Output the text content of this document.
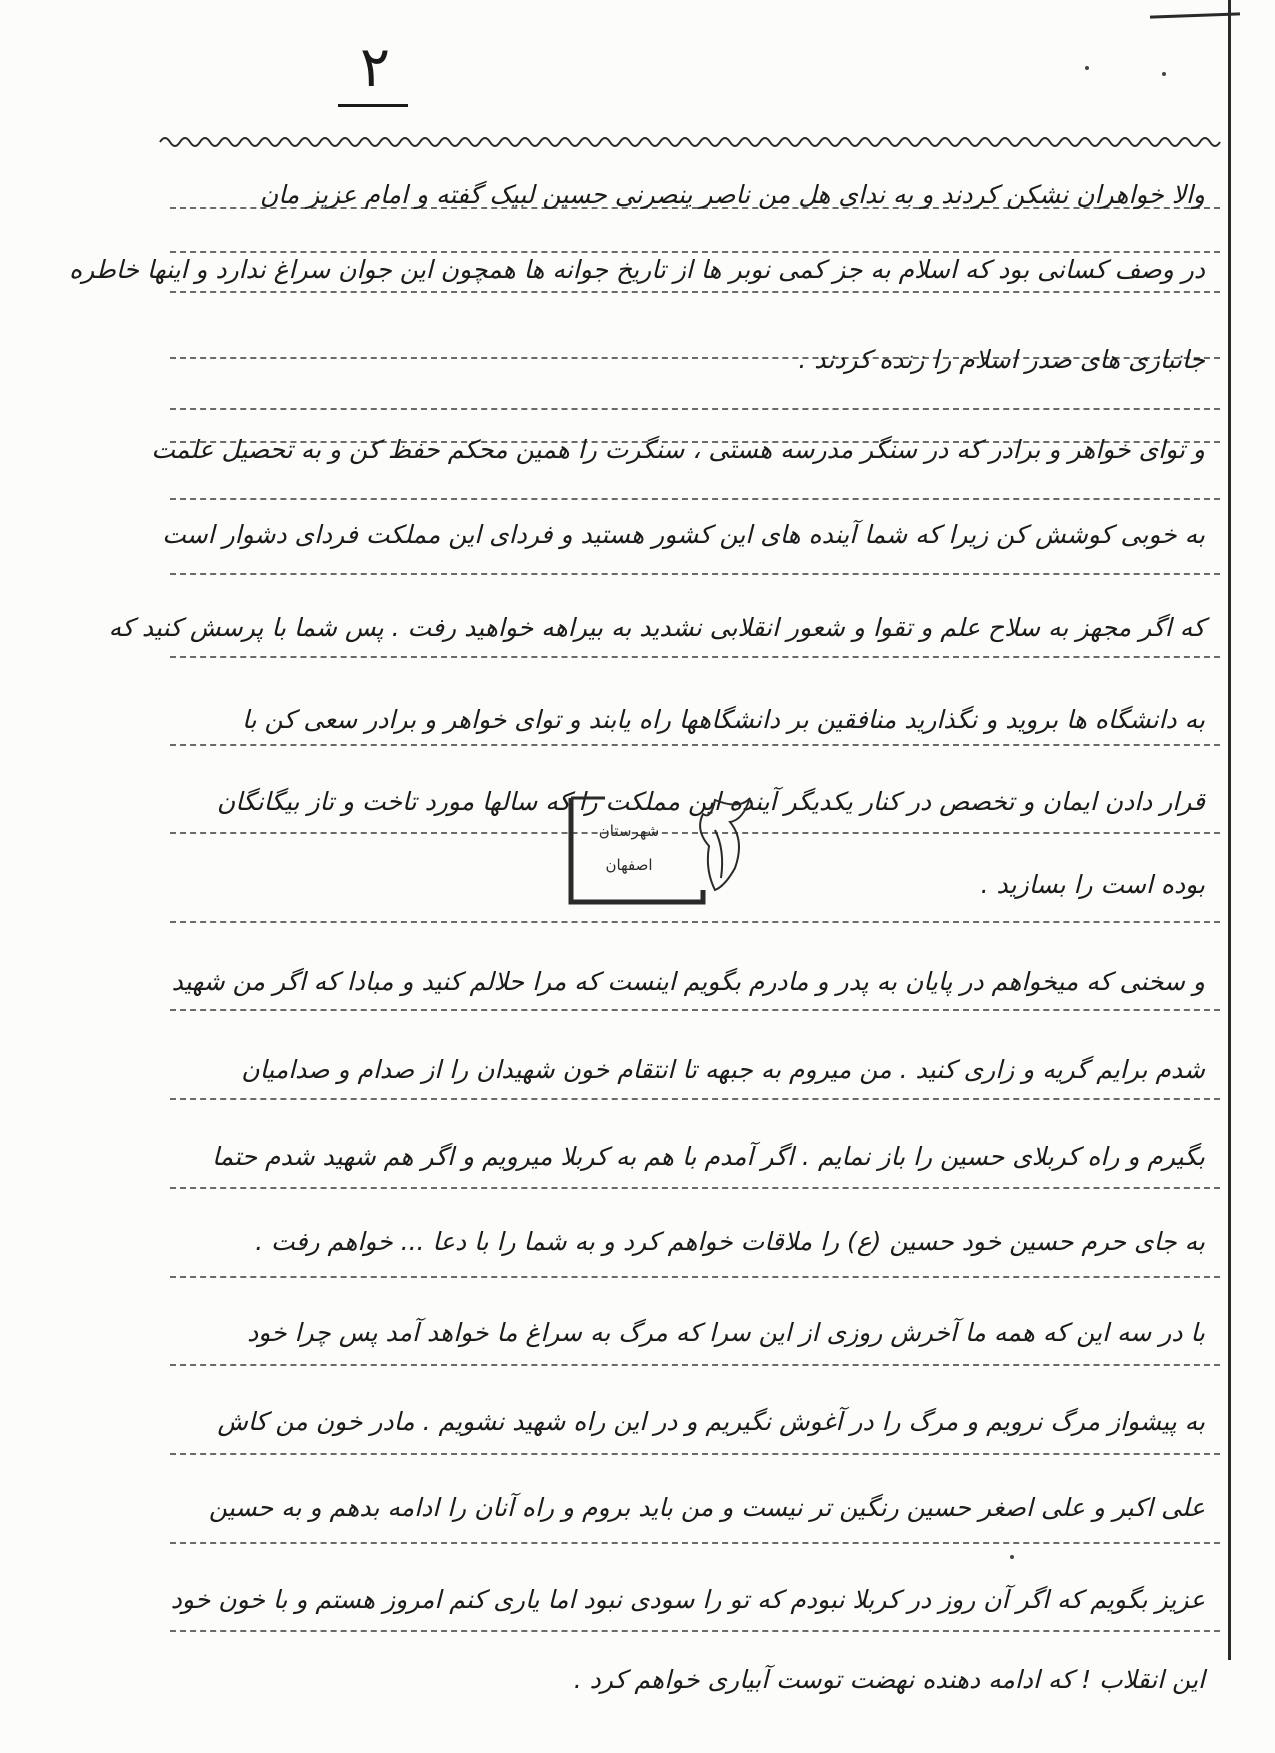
۲
والا خواهران نشکن کردند و به ندای هل من ناصر ینصرنی حسین لبیک گفته و امام عزیز مان
در وصف کسانی بود که اسلام به جز کمی نوبر ها از تاریخ جوانه ها همچون این جوان سراغ ندارد و اینها خاطره
جانبازی های صدر اسلام را زنده کردند .
و توای خواهر و برادر که در سنگر مدرسه هستی ، سنگرت را همین محکم حفظ کن و به تحصیل علمت
به خوبی کوشش کن زیرا که شما آینده های این کشور هستید و فردای این مملکت فردای دشوار است
که اگر مجهز به سلاح علم و تقوا و شعور انقلابی نشدید به بیراهه خواهید رفت . پس شما با پرسش کنید که
به دانشگاه ها بروید و نگذارید منافقین بر دانشگاهها راه یابند و توای خواهر و برادر سعی کن با
قرار دادن ایمان و تخصص در کنار یکدیگر آینده این مملکت را که سالها مورد تاخت و تاز بیگانگان
بوده است را بسازید .
و سخنی که میخواهم در پایان به پدر و مادرم بگویم اینست که مرا حلالم کنید و مبادا که اگر من شهید
شدم برایم گریه و زاری کنید . من میروم به جبهه تا انتقام خون شهیدان را از صدام و صدامیان
بگیرم و راه کربلای حسین را باز نمایم . اگر آمدم با هم به کربلا میرویم و اگر هم شهید شدم حتما
به جای حرم حسین خود حسین (ع) را ملاقات خواهم کرد و به شما را با دعا ... خواهم رفت .
با در سه این که همه ما آخرش روزی از این سرا که مرگ به سراغ ما خواهد آمد پس چرا خود
به پیشواز مرگ نرویم و مرگ را در آغوش نگیریم و در این راه شهید نشویم . مادر خون من کاش
علی اکبر و علی اصغر حسین رنگین تر نیست و من باید بروم و راه آنان را ادامه بدهم و به حسین
عزیز بگویم که اگر آن روز در کربلا نبودم که تو را سودی نبود اما یاری کنم امروز هستم و با خون خود
این انقلاب ! که ادامه دهنده نهضت توست آبیاری خواهم کرد .
شهرستان
اصفهان
